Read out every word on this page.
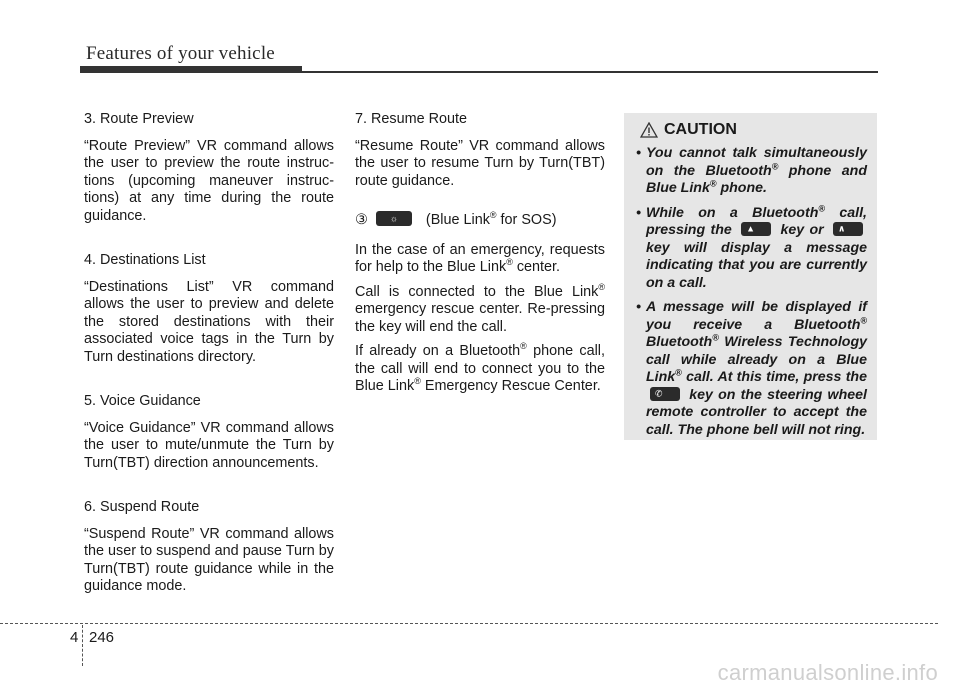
Features of your vehicle

3. Route Preview

“Route Preview” VR command allows the user to preview the route instructions (upcoming maneuver instructions) at any time during the route guidance.

4. Destinations List

“Destinations List” VR command allows the user to preview and delete the stored destinations with their associated voice tags in the Turn by Turn destinations directory.

5. Voice Guidance

“Voice Guidance” VR command allows the user to mute/unmute the Turn by Turn(TBT) direction announcements.

6. Suspend Route

“Suspend Route” VR command allows the user to suspend and pause Turn by Turn(TBT) route guidance while in the guidance mode.

7. Resume Route

“Resume Route” VR command allows the user to resume Turn by Turn(TBT) route guidance.

③ ☼ (Blue Link® for SOS)

In the case of an emergency, requests for help to the Blue Link® center.

Call is connected to the Blue Link® emergency rescue center. Re-pressing the key will end the call.

If already on a Bluetooth® phone call, the call will end to connect you to the Blue Link® Emergency Rescue Center.

CAUTION
• You cannot talk simultaneously on the Bluetooth® phone and Blue Link® phone.
• While on a Bluetooth® call, pressing the ▲ key or ∧
key will display a message indicating that you are currently on a call.
• A message will be displayed if you receive a Bluetooth® Bluetooth® Wireless Technology call while already on a Blue Link® call. At this time, press the
✆ key on the steering wheel remote controller to accept the call. The phone bell will not ring.
4 246
carmanualsonline.info
